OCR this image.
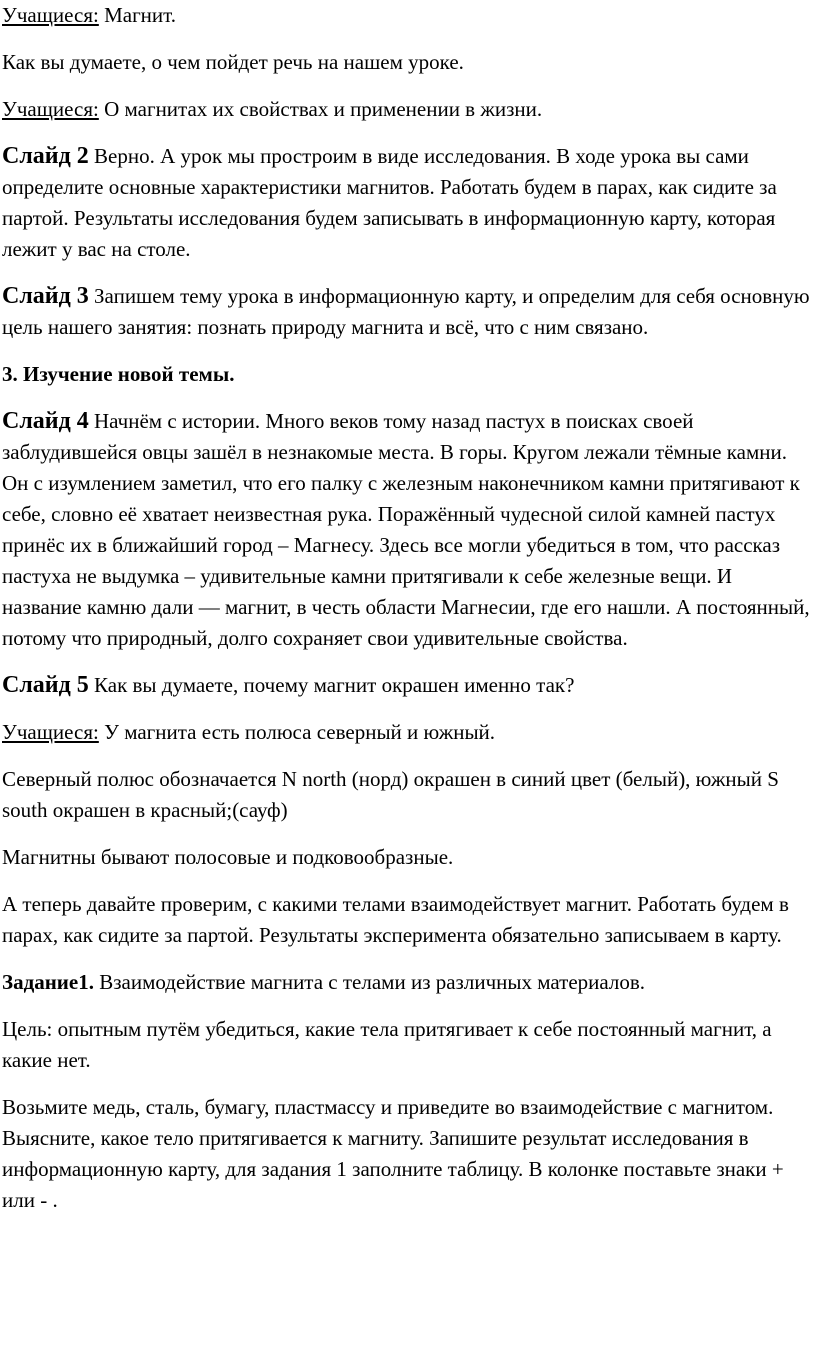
Учащиеся: Магнит.

Как вы думаете, о чем пойдет речь на нашем уроке.

Учащиеся: О магнитах их свойствах и применении в жизни.

Слайд 2 Верно. А урок мы простроим в виде исследования. В ходе урока вы сами определите основные характеристики магнитов. Работать будем в парах, как сидите за партой. Результаты исследования будем записывать в информационную карту, которая лежит у вас на столе.

Слайд 3 Запишем тему урока в информационную карту, и определим для себя основную цель нашего занятия: познать природу магнита и всё, что с ним связано.

3. Изучение новой темы.

Слайд 4 Начнём с истории. Много веков тому назад пастух в поисках своей заблудившейся овцы зашёл в незнакомые места. В горы. Кругом лежали тёмные камни. Он с изумлением заметил, что его палку с железным наконечником камни притягивают к себе, словно её хватает неизвестная рука. Поражённый чудесной силой камней пастух принёс их в ближайший город – Магнесу. Здесь все могли убедиться в том, что рассказ пастуха не выдумка – удивительные камни притягивали к себе железные вещи. И название камню дали — магнит, в честь области Магнесии, где его нашли. А постоянный, потому что природный, долго сохраняет свои удивительные свойства.

Слайд 5 Как вы думаете, почему магнит окрашен именно так?

Учащиеся: У магнита есть полюса северный и южный.

Северный полюс обозначается N north (норд) окрашен в синий цвет (белый), южный S south окрашен в красный;(сауф)

Магнитны бывают полосовые и подковообразные.

А теперь давайте проверим, с какими телами взаимодействует магнит. Работать будем в парах, как сидите за партой. Результаты эксперимента обязательно записываем в карту.

Задание1. Взаимодействие магнита с телами из различных материалов.

Цель: опытным путём убедиться, какие тела притягивает к себе постоянный магнит, а какие нет.

Возьмите медь, сталь, бумагу, пластмассу и приведите во взаимодействие с магнитом. Выясните, какое тело притягивается к магниту. Запишите результат исследования в информационную карту, для задания 1 заполните таблицу. В колонке поставьте знаки + или - .
